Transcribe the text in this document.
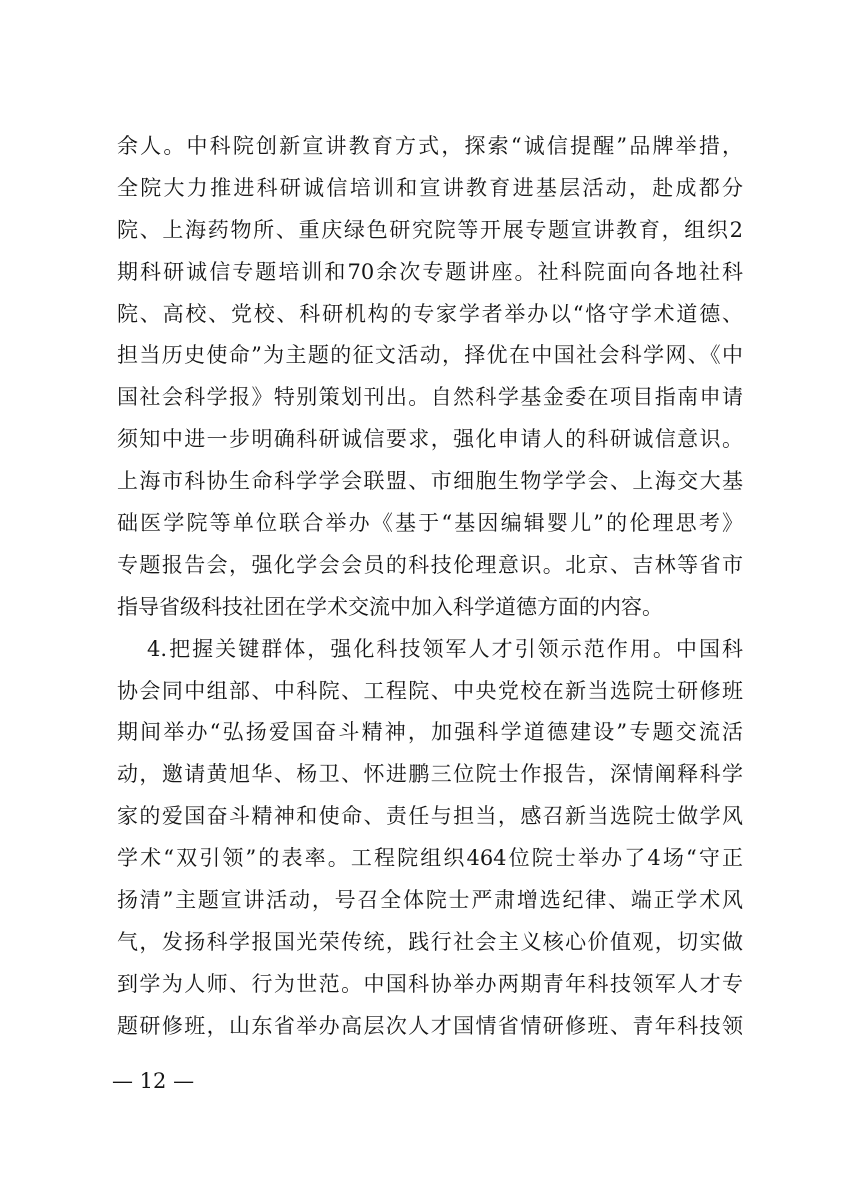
余人。中科院创新宣讲教育方式，探索“诚信提醒”品牌举措，
全院大力推进科研诚信培训和宣讲教育进基层活动，赴成都分
院、上海药物所、重庆绿色研究院等开展专题宣讲教育，组织2
期科研诚信专题培训和70余次专题讲座。社科院面向各地社科
院、高校、党校、科研机构的专家学者举办以“恪守学术道德、
担当历史使命”为主题的征文活动，择优在中国社会科学网、《中
国社会科学报》特别策划刊出。自然科学基金委在项目指南申请
须知中进一步明确科研诚信要求，强化申请人的科研诚信意识。
上海市科协生命科学学会联盟、市细胞生物学学会、上海交大基
础医学院等单位联合举办《基于“基因编辑婴儿”的伦理思考》
专题报告会，强化学会会员的科技伦理意识。北京、吉林等省市
指导省级科技社团在学术交流中加入科学道德方面的内容。
4.把握关键群体，强化科技领军人才引领示范作用。中国科
协会同中组部、中科院、工程院、中央党校在新当选院士研修班
期间举办“弘扬爱国奋斗精神，加强科学道德建设”专题交流活
动，邀请黄旭华、杨卫、怀进鹏三位院士作报告，深情阐释科学
家的爱国奋斗精神和使命、责任与担当，感召新当选院士做学风
学术“双引领”的表率。工程院组织464位院士举办了4场“守正
扬清”主题宣讲活动，号召全体院士严肃增选纪律、端正学术风
气，发扬科学报国光荣传统，践行社会主义核心价值观，切实做
到学为人师、行为世范。中国科协举办两期青年科技领军人才专
题研修班，山东省举办高层次人才国情省情研修班、青年科技领
— 12 —
